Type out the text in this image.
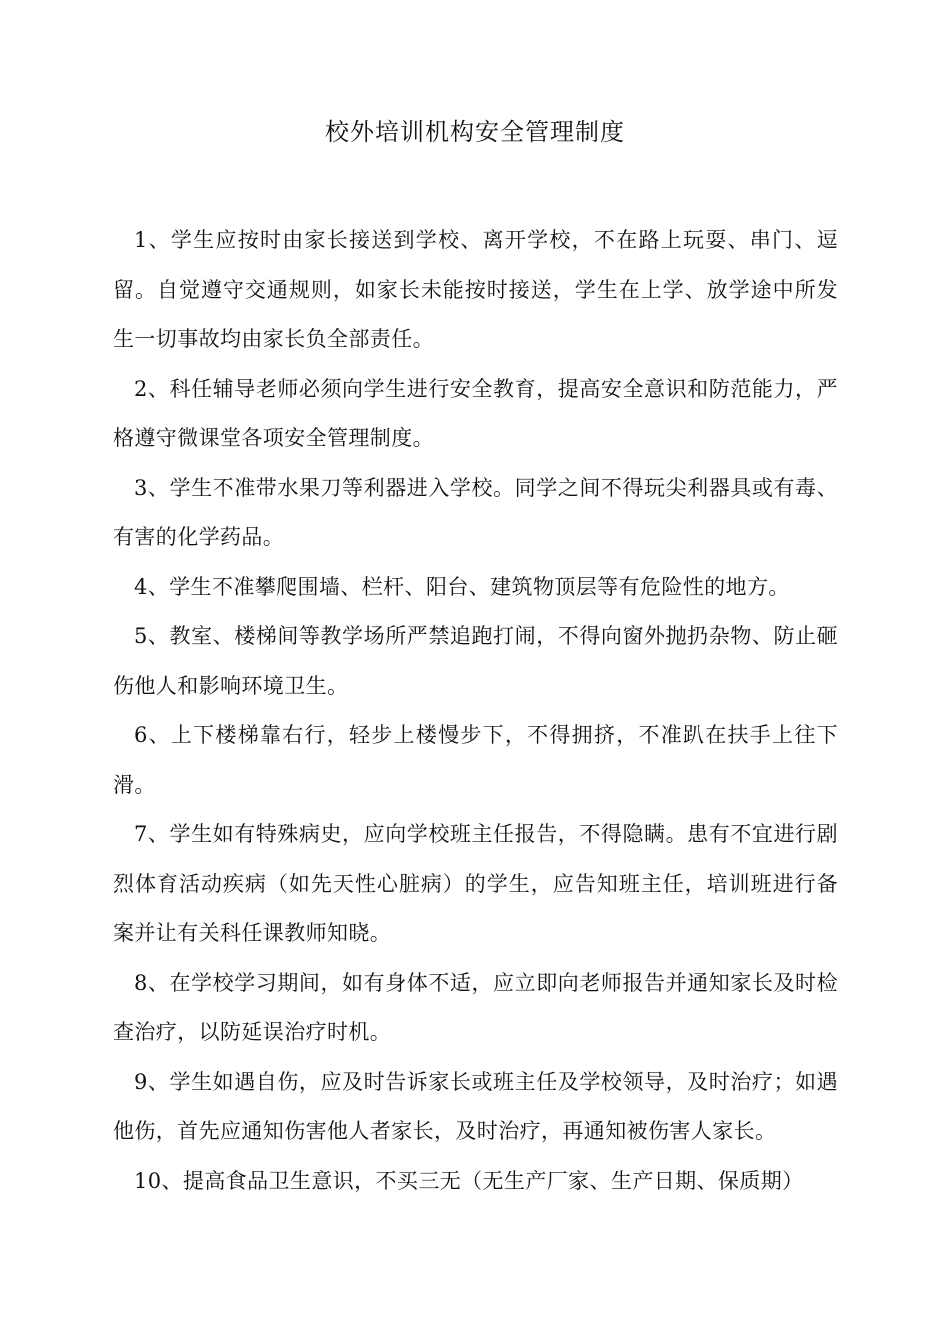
校外培训机构安全管理制度

1、学生应按时由家长接送到学校、离开学校，不在路上玩耍、串门、逗留。自觉遵守交通规则，如家长未能按时接送，学生在上学、放学途中所发生一切事故均由家长负全部责任。

2、科任辅导老师必须向学生进行安全教育，提高安全意识和防范能力，严格遵守微课堂各项安全管理制度。

3、学生不准带水果刀等利器进入学校。同学之间不得玩尖利器具或有毒、有害的化学药品。

4、学生不准攀爬围墙、栏杆、阳台、建筑物顶层等有危险性的地方。

5、教室、楼梯间等教学场所严禁追跑打闹，不得向窗外抛扔杂物、防止砸伤他人和影响环境卫生。

6、上下楼梯靠右行，轻步上楼慢步下，不得拥挤，不准趴在扶手上往下滑。

7、学生如有特殊病史，应向学校班主任报告，不得隐瞒。患有不宜进行剧烈体育活动疾病（如先天性心脏病）的学生，应告知班主任，培训班进行备案并让有关科任课教师知晓。

8、在学校学习期间，如有身体不适，应立即向老师报告并通知家长及时检查治疗，以防延误治疗时机。

9、学生如遇自伤，应及时告诉家长或班主任及学校领导，及时治疗；如遇他伤，首先应通知伤害他人者家长，及时治疗，再通知被伤害人家长。

10、提高食品卫生意识，不买三无（无生产厂家、生产日期、保质期）
